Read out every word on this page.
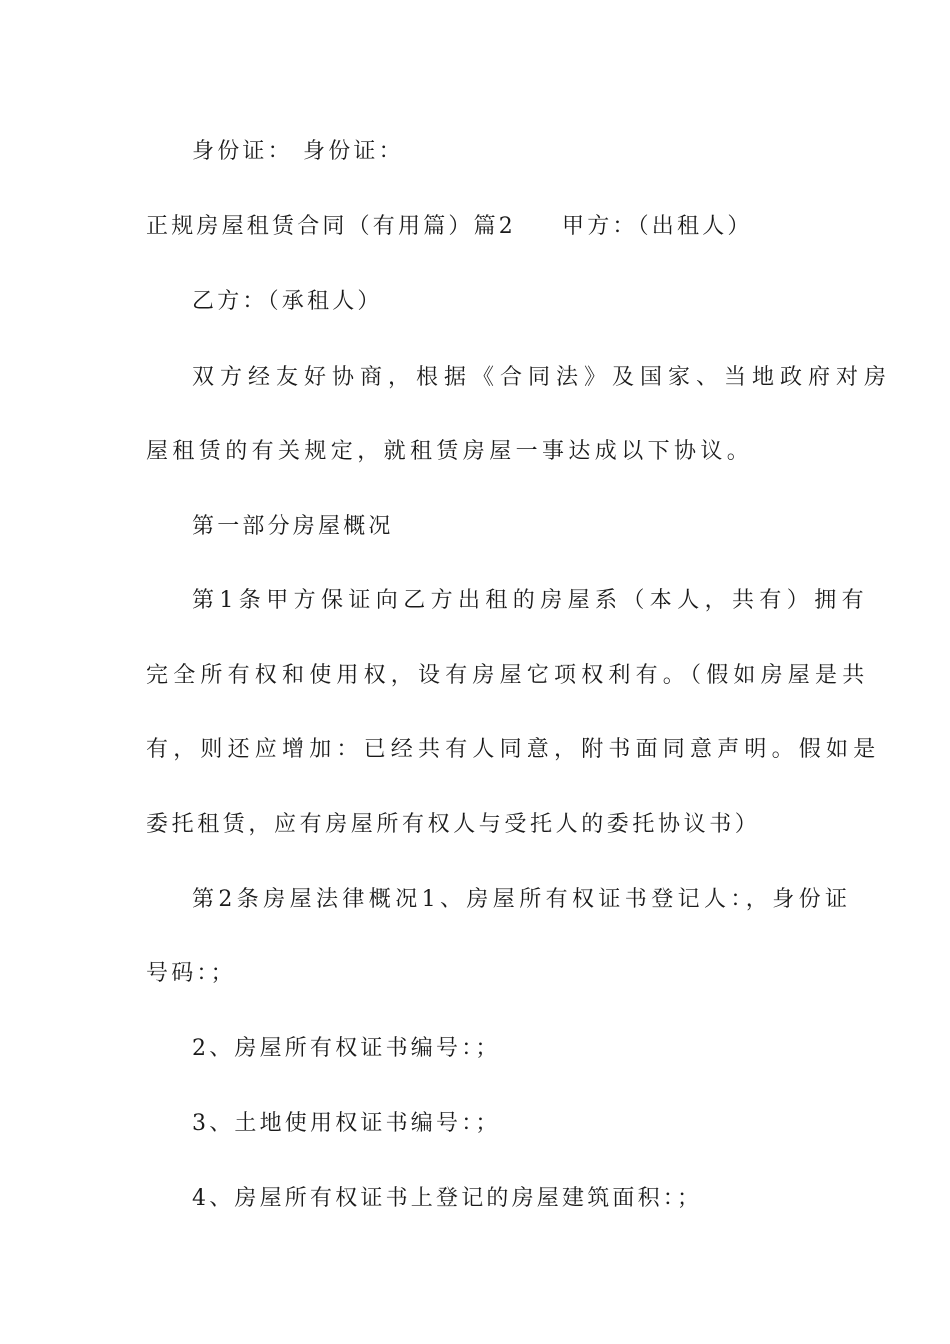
身份证： 身份证：
正规房屋租赁合同（有用篇）篇2 甲方：（出租人）
乙方：（承租人）
双方经友好协商，根据《合同法》及国家、当地政府对房
屋租赁的有关规定，就租赁房屋一事达成以下协议。
第一部分房屋概况
第1条甲方保证向乙方出租的房屋系（本人，共有）拥有
完全所有权和使用权，设有房屋它项权利有。（假如房屋是共
有，则还应增加：已经共有人同意，附书面同意声明。假如是
委托租赁，应有房屋所有权人与受托人的委托协议书）
第2条房屋法律概况1、房屋所有权证书登记人：，身份证
号码：；
2、房屋所有权证书编号：；
3、土地使用权证书编号：；
4、房屋所有权证书上登记的房屋建筑面积：；
